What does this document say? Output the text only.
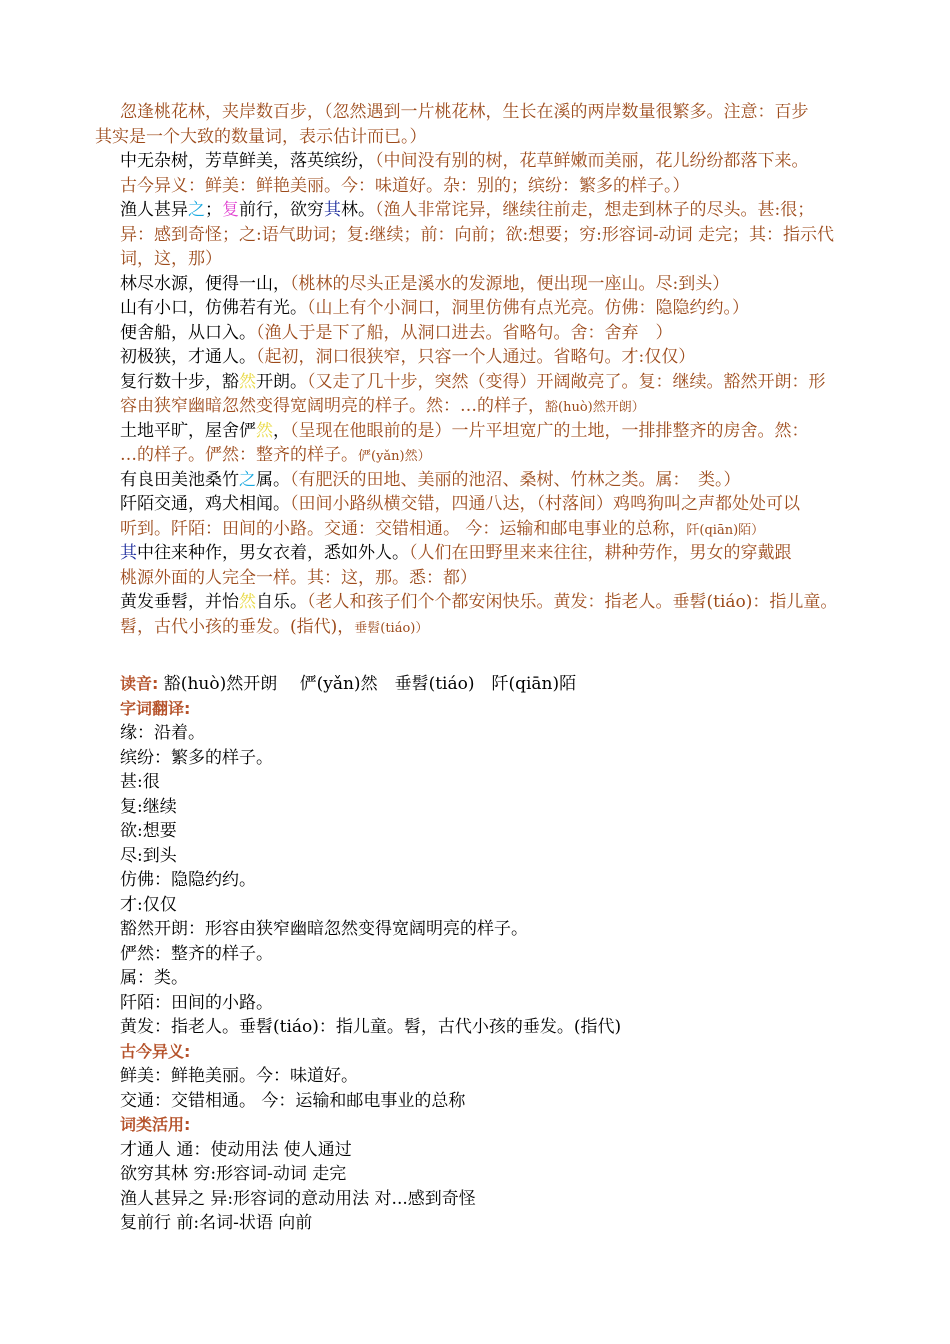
忽逢桃花林，夹岸数百步，（忽然遇到一片桃花林，生长在溪的两岸数量很繁多。注意：百步
其实是一个大致的数量词，表示估计而已。）
中无杂树，芳草鲜美，落英缤纷，（中间没有别的树，花草鲜嫩而美丽，花儿纷纷都落下来。
古今异义：鲜美：鲜艳美丽。今：味道好。杂：别的；缤纷：繁多的样子。）
渔人甚异之；复前行，欲穷其林。（渔人非常诧异，继续往前走，想走到林子的尽头。甚:很；
异：感到奇怪；之:语气助词；复:继续；前：向前；欲:想要；穷:形容词-动词 走完；其：指示代
词，这，那）
林尽水源，便得一山，（桃林的尽头正是溪水的发源地，便出现一座山。尽:到头）
山有小口，仿佛若有光。（山上有个小洞口，洞里仿佛有点光亮。仿佛：隐隐约约。）
便舍船，从口入。（渔人于是下了船，从洞口进去。省略句。舍：舍弃　）
初极狭，才通人。（起初，洞口很狭窄，只容一个人通过。省略句。才:仅仅）
复行数十步，豁然开朗。（又走了几十步，突然（变得）开阔敞亮了。复：继续。豁然开朗：形
容由狭窄幽暗忽然变得宽阔明亮的样子。然：…的样子，豁(huò)然开朗）
土地平旷，屋舍俨然，（呈现在他眼前的是）一片平坦宽广的土地，一排排整齐的房舍。然：
…的样子。俨然：整齐的样子。俨(yǎn)然）
有良田美池桑竹之属。（有肥沃的田地、美丽的池沼、桑树、竹林之类。属：　类。）
阡陌交通，鸡犬相闻。（田间小路纵横交错，四通八达，（村落间）鸡鸣狗叫之声都处处可以
听到。阡陌：田间的小路。交通：交错相通。 今：运输和邮电事业的总称，阡(qiān)陌）
其中往来种作，男女衣着，悉如外人。（人们在田野里来来往往，耕种劳作，男女的穿戴跟
桃源外面的人完全一样。其：这，那。悉：都）
黄发垂髫，并怡然自乐。（老人和孩子们个个都安闲快乐。黄发：指老人。垂髫(tiáo)：指儿童。
髫，古代小孩的垂发。(指代)，垂髫(tiáo)）
读音: 豁(huò)然开朗　 俨(yǎn)然　垂髫(tiáo)　阡(qiān)陌
字词翻译:
缘：沿着。
缤纷：繁多的样子。
甚:很
复:继续
欲:想要
尽:到头
仿佛：隐隐约约。
才:仅仅
豁然开朗：形容由狭窄幽暗忽然变得宽阔明亮的样子。
俨然：整齐的样子。
属：类。
阡陌：田间的小路。
黄发：指老人。垂髫(tiáo)：指儿童。髫，古代小孩的垂发。(指代)
古今异义:
鲜美：鲜艳美丽。今：味道好。
交通：交错相通。 今：运输和邮电事业的总称
词类活用:
才通人 通：使动用法 使人通过
欲穷其林 穷:形容词-动词 走完
渔人甚异之 异:形容词的意动用法 对...感到奇怪
复前行 前:名词-状语 向前
